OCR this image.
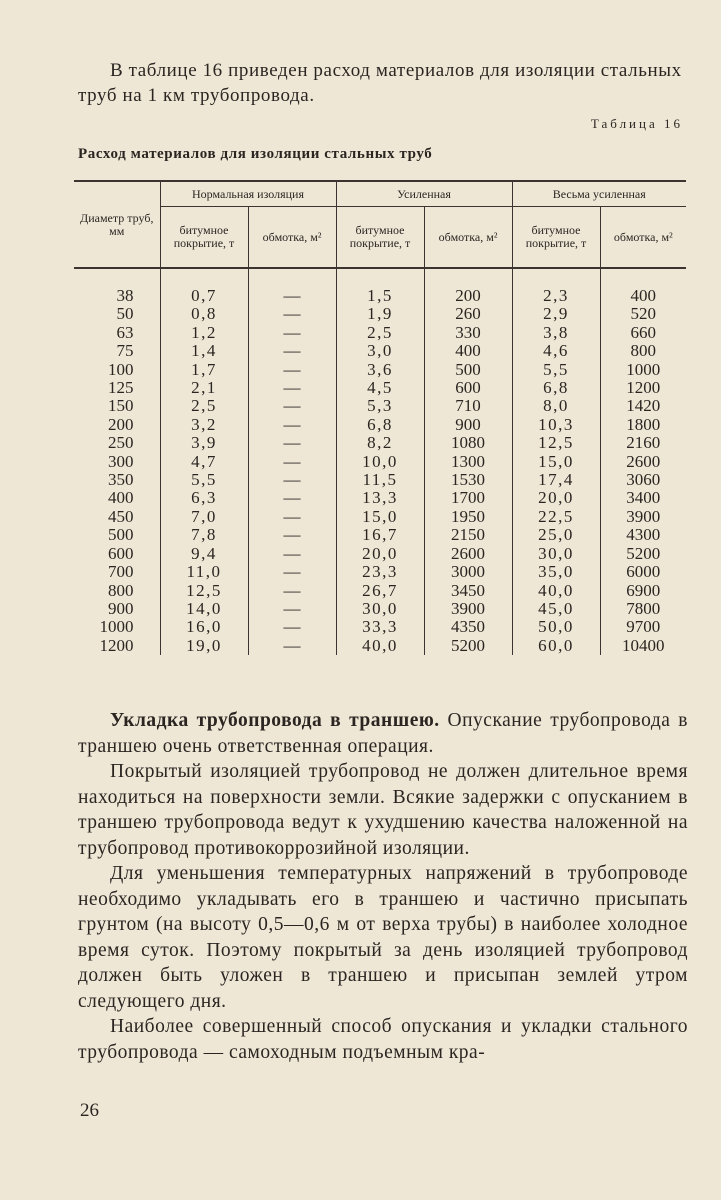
В таблице 16 приведен расход материалов для изоляции стальных труб на 1 км трубопровода.

Таблица 16

Расход материалов для изоляции стальных труб

Диаметр труб, мм	Нормальная изоляция		Усиленная		Весьма усиленная	
	битумное покрытие, т	обмотка, м²	битумное покрытие, т	обмотка, м²	битумное покрытие, т	обмотка, м²

38	0,7	—	1,5	200	2,3	400
50	0,8	—	1,9	260	2,9	520
63	1,2	—	2,5	330	3,8	660
75	1,4	—	3,0	400	4,6	800
100	1,7	—	3,6	500	5,5	1000
125	2,1	—	4,5	600	6,8	1200
150	2,5	—	5,3	710	8,0	1420
200	3,2	—	6,8	900	10,3	1800
250	3,9	—	8,2	1080	12,5	2160
300	4,7	—	10,0	1300	15,0	2600
350	5,5	—	11,5	1530	17,4	3060
400	6,3	—	13,3	1700	20,0	3400
450	7,0	—	15,0	1950	22,5	3900
500	7,8	—	16,7	2150	25,0	4300
600	9,4	—	20,0	2600	30,0	5200
700	11,0	—	23,3	3000	35,0	6000
800	12,5	—	26,7	3450	40,0	6900
900	14,0	—	30,0	3900	45,0	7800
1000	16,0	—	33,3	4350	50,0	9700
1200	19,0	—	40,0	5200	60,0	10400

Укладка трубопровода в траншею. Опускание трубопровода в траншею очень ответственная операция.

Покрытый изоляцией трубопровод не должен длительное время находиться на поверхности земли. Всякие задержки с опусканием в траншею трубопровода ведут к ухудшению качества наложенной на трубопровод противокоррозийной изоляции.

Для уменьшения температурных напряжений в трубопроводе необходимо укладывать его в траншею и частично присыпать грунтом (на высоту 0,5—0,6 м от верха трубы) в наиболее холодное время суток. Поэтому покрытый за день изоляцией трубопровод должен быть уложен в траншею и присыпан землей утром следующего дня.

Наиболее совершенный способ опускания и укладки стального трубопровода — самоходным подъемным кра-

26
